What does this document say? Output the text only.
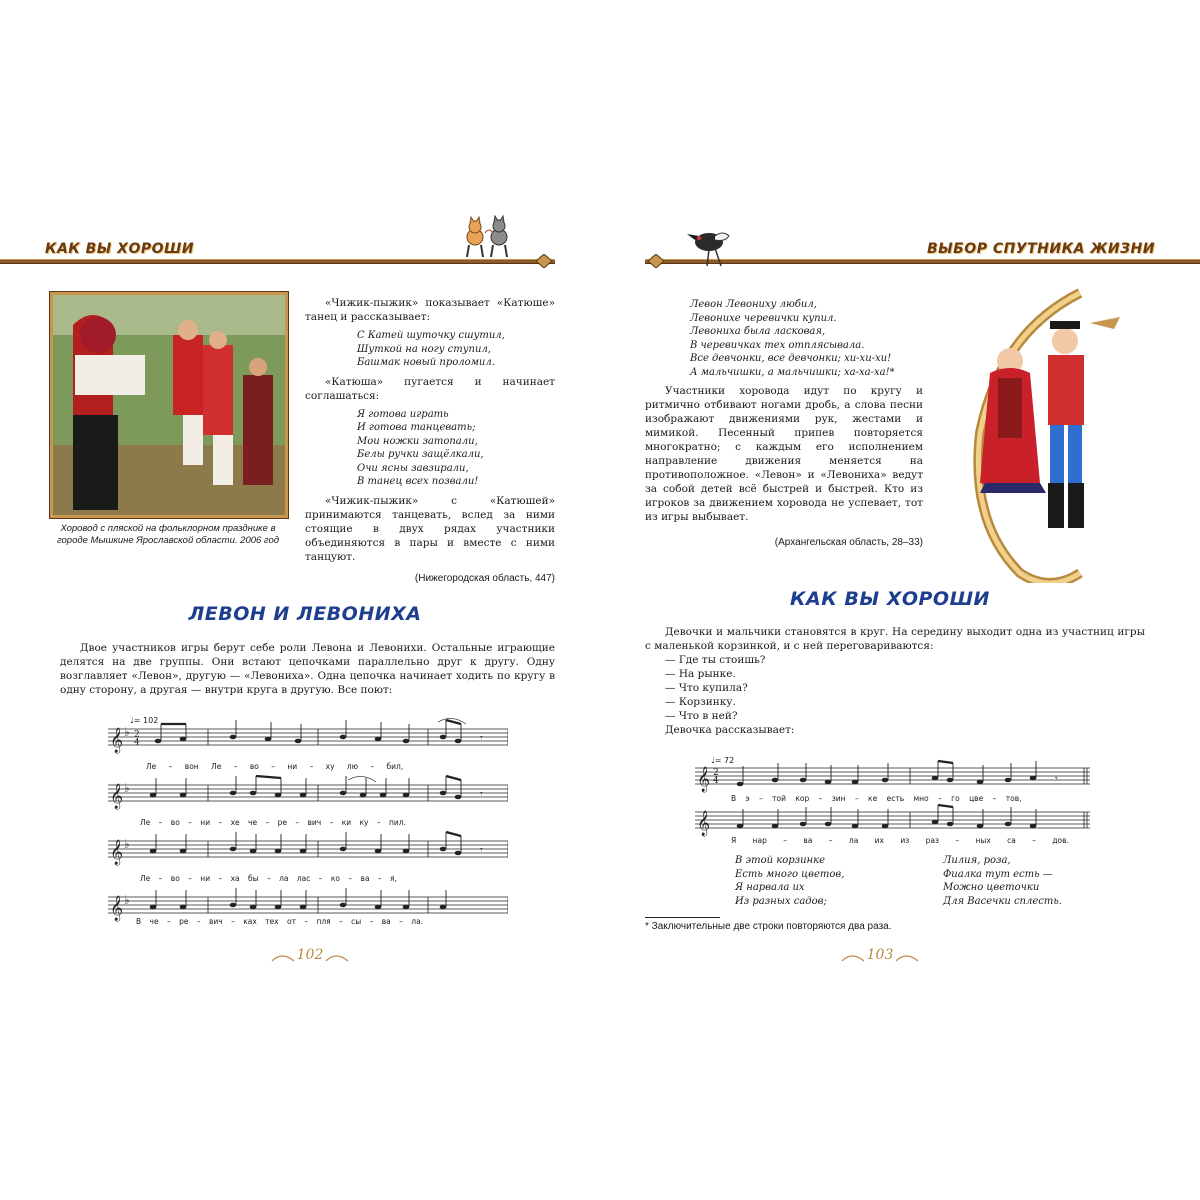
КАК ВЫ ХОРОШИ
Хоровод с пляской на фольклорном празднике в городе Мышкине Ярославской области. 2006 год

«Чижик-пыжик» показывает «Катюше» танец и рассказывает:

С Катей шуточку сшутил,
Шуткой на ногу ступил,
Башмак новый проломил.

«Катюша» пугается и начинает соглашаться:

Я готова играть
И готова танцевать;
Мои ножки затопали,
Белы ручки защёлкали,
Очи ясны завзирали,
В танец всех позвали!

«Чижик-пыжик» с «Катюшей» принимаются танцевать, вслед за ними стоящие в двух рядах участники объединяются в пары и вместе с ними танцуют.

(Нижегородская область, 447)
ЛЕВОН И ЛЕВОНИХА

Двое участников игры берут себе роли Левона и Левонихи. Остальные играющие делятся на две группы. Они встают цепочками параллельно друг к другу. Одну возглавляет «Левон», другую — «Левониха». Одна цепочка начинает ходить по кругу в одну сторону, а другая — внутри круга в другую. Все поют:

♩= 102
𝄞
𝄞
𝄞
𝄞
♭
♭
♭
♭
2
4	𝄾
𝄾
𝄾
Ле – вон Ле – во – ни – ху лю – бил,
Ле – во – ни – хе че – ре – вич – ки ку – пил.
Ле – во – ни – ха бы – ла лас – ко – ва – я,
В че – ре – вич – ках тех от – пля – сы – ва – ла.
102
ВЫБОР СПУТНИКА ЖИЗНИ
Левон Левониху любил,
Левонихе черевички купил.
Левониха была ласковая,
В черевичках тех отплясывала.
Все девчонки, все девчонки; хи-хи-хи!
А мальчишки, а мальчишки; ха-ха-ха!*

Участники хоровода идут по кругу и ритмично отбивают ногами дробь, а слова песни изображают движениями рук, жестами и мимикой. Песенный припев повторяется многократно; с каждым его исполнением направление движения меняется на противоположное. «Левон» и «Левониха» ведут за собой детей всё быстрей и быстрей. Кто из игроков за движением хоровода не успевает, тот из игры выбывает.

(Архангельская область, 28–33)
КАК ВЫ ХОРОШИ

Девочки и мальчики становятся в круг. На середину выходит одна из участниц игры с маленькой корзинкой, и с ней переговариваются:

— Где ты стоишь?
— На рынке.
— Что купила?
— Корзинку.
— Что в ней?
Девочка рассказывает:
♩= 72
𝄞
𝄞
2
4	𝄾
В э – той кор – зин – ке есть мно – го цве – тов,
Я нар – ва – ла их из раз – ных са – дов.
В этой корзинке
Есть много цветов,
Я нарвала их
Из разных садов;
Лилия, роза,
Фиалка тут есть —
Можно цветочки
Для Васечки сплесть.
* Заключительные две строки повторяются два раза.
103
